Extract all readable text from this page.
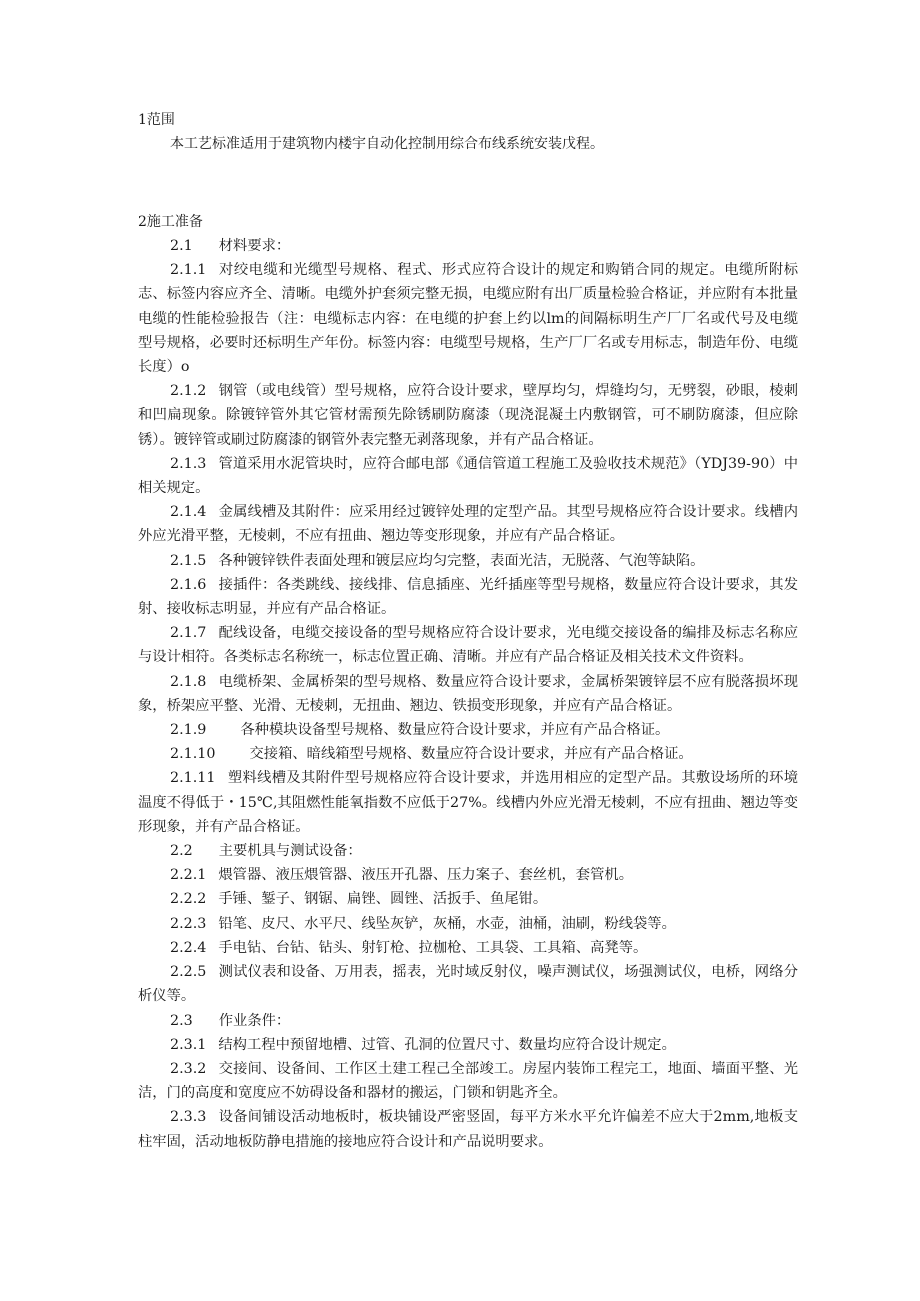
1范围

本工艺标准适用于建筑物内楼宇自动化控制用综合布线系统安装戊程。

2施工准备

2.1 材料要求：

2.1.1 对绞电缆和光缆型号规格、程式、形式应符合设计的规定和购销合同的规定。电缆所附标志、标签内容应齐全、清晰。电缆外护套须完整无损，电缆应附有出厂质量检验合格证，并应附有本批量电缆的性能检验报告（注：电缆标志内容：在电缆的护套上约以lm的间隔标明生产厂厂名或代号及电缆型号规格，必要时还标明生产年份。标签内容：电缆型号规格，生产厂厂名或专用标志，制造年份、电缆长度）o

2.1.2 钢管（或电线管）型号规格，应符合设计要求，壁厚均匀，焊缝均匀，无劈裂，砂眼，棱刺和凹扁现象。除镀锌管外其它管材需预先除锈刷防腐漆（现浇混凝土内敷钢管，可不刷防腐漆，但应除锈）。镀锌管或刷过防腐漆的钢管外表完整无剥落现象，并有产品合格证。

2.1.3 管道采用水泥管块时，应符合邮电部《通信管道工程施工及验收技术规范》（YDJ39-90）中相关规定。

2.1.4 金属线槽及其附件：应采用经过镀锌处理的定型产品。其型号规格应符合设计要求。线槽内外应光滑平整，无棱刺，不应有扭曲、翘边等变形现象，并应有产品合格证。

2.1.5 各种镀锌铁件表面处理和镀层应均匀完整，表面光洁，无脱落、气泡等缺陷。

2.1.6 接插件：各类跳线、接线排、信息插座、光纤插座等型号规格，数量应符合设计要求，其发射、接收标志明显，并应有产品合格证。

2.1.7 配线设备，电缆交接设备的型号规格应符合设计要求，光电缆交接设备的编排及标志名称应与设计相符。各类标志名称统一，标志位置正确、清晰。并应有产品合格证及相关技术文件资料。

2.1.8 电缆桥架、金属桥架的型号规格、数量应符合设计要求，金属桥架镀锌层不应有脱落损坏现象，桥架应平整、光滑、无棱刺，无扭曲、翘边、铁损变形现象，并应有产品合格证。

2.1.9 各种模块设备型号规格、数量应符合设计要求，并应有产品合格证。

2.1.10 交接箱、暗线箱型号规格、数量应符合设计要求，并应有产品合格证。

2.1.11 塑料线槽及其附件型号规格应符合设计要求，并选用相应的定型产品。其敷设场所的环境温度不得低于・15℃,其阻燃性能氧指数不应低于27%。线槽内外应光滑无棱刺，不应有扭曲、翘边等变形现象，并有产品合格证。

2.2 主要机具与测试设备：

2.2.1 煨管器、液压煨管器、液压开孔器、压力案子、套丝机，套管机。

2.2.2 手锤、錾子、钢锯、扁锉、圆锉、活扳手、鱼尾钳。

2.2.3 铅笔、皮尺、水平尺、线坠灰铲，灰桶，水壶，油桶，油刷，粉线袋等。

2.2.4 手电钻、台钻、钻头、射钉枪、拉枷枪、工具袋、工具箱、高凳等。

2.2.5 测试仪表和设备、万用表，摇表，光时域反射仪，噪声测试仪，场强测试仪，电桥，网络分析仪等。

2.3 作业条件：

2.3.1 结构工程中预留地槽、过管、孔洞的位置尺寸、数量均应符合设计规定。

2.3.2 交接间、设备间、工作区土建工程己全部竣工。房屋内装饰工程完工，地面、墙面平整、光洁，门的高度和宽度应不妨碍设备和器材的搬运，门锁和钥匙齐全。

2.3.3 设备间铺设活动地板时，板块铺设严密竖固，每平方米水平允许偏差不应大于2mm,地板支柱牢固，活动地板防静电措施的接地应符合设计和产品说明要求。
